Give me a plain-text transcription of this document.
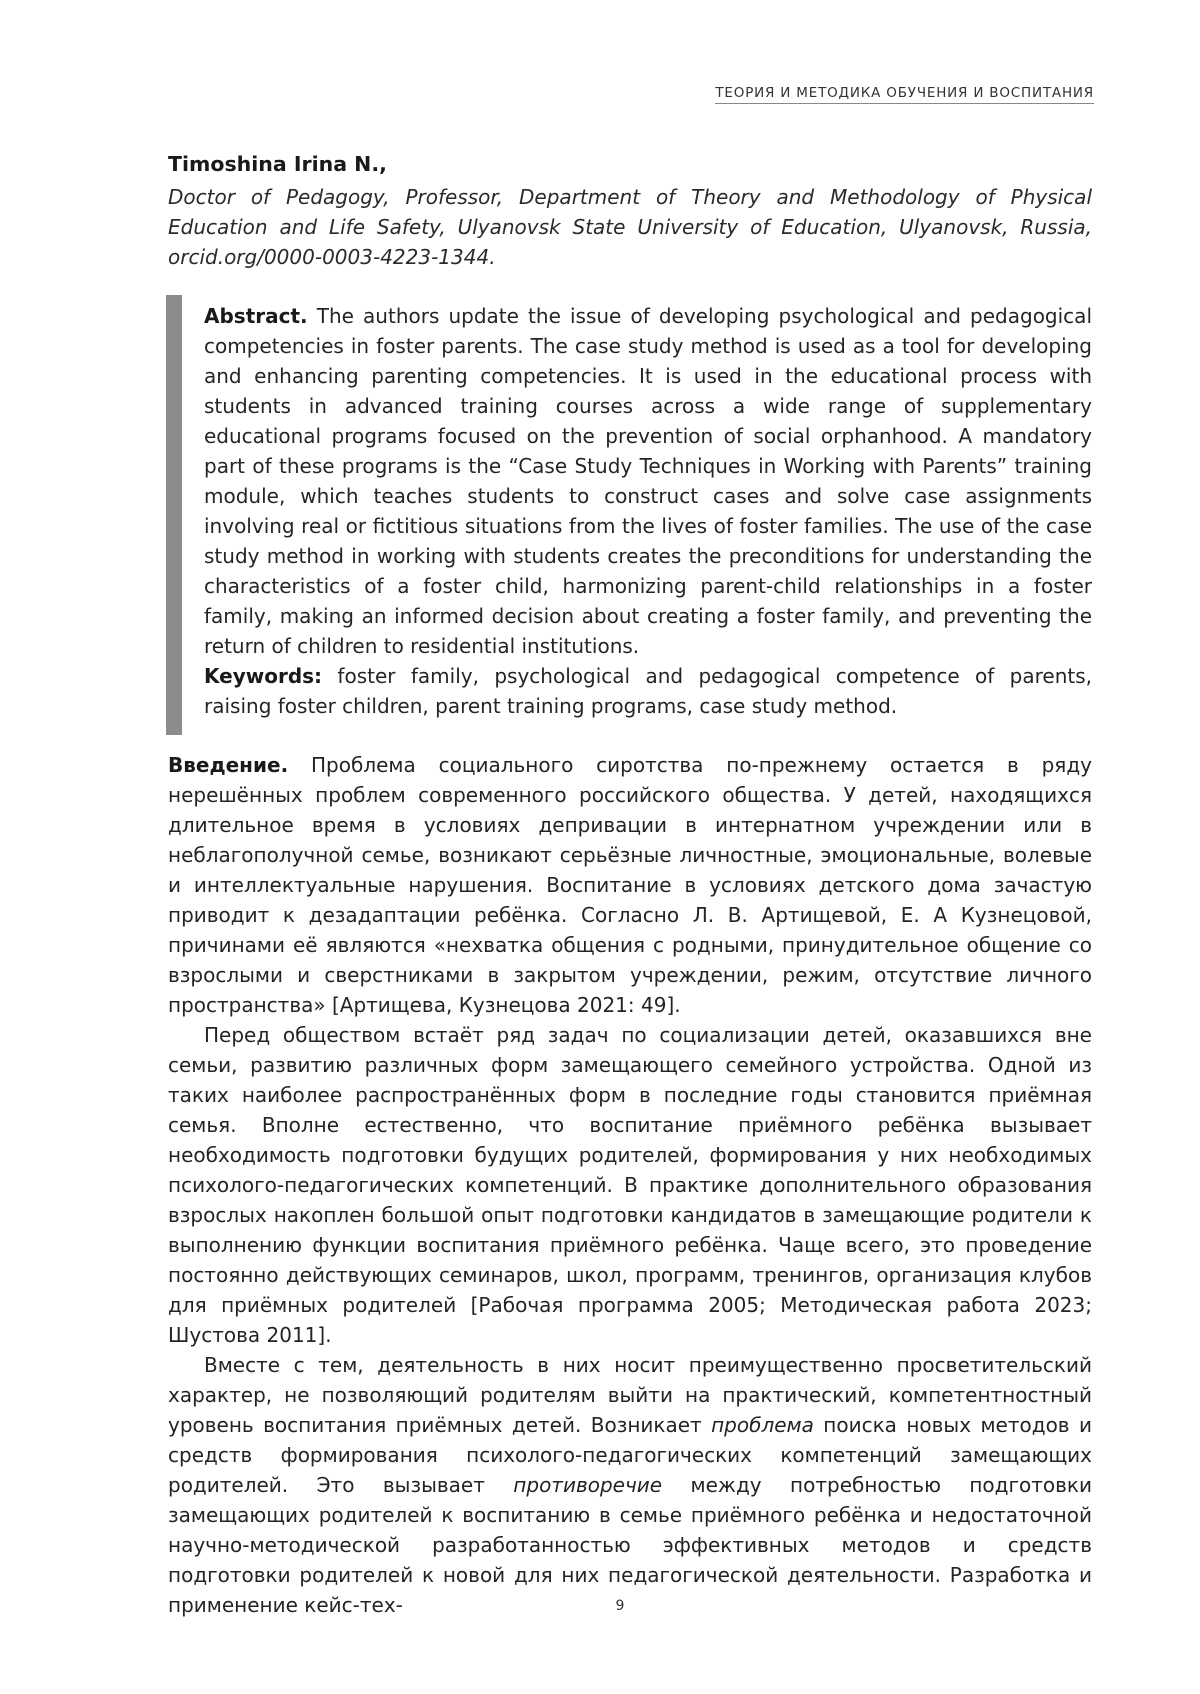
ТЕОРИЯ И МЕТОДИКА ОБУЧЕНИЯ И ВОСПИТАНИЯ

Timoshina Irina N.,

Doctor of Pedagogy, Professor, Department of Theory and Methodology of Physical Education and Life Safety, Ulyanovsk State University of Education, Ulyanovsk, Russia, orcid.org/0000-0003-4223-1344.

Abstract. The authors update the issue of developing psychological and pedagogical competencies in foster parents. The case study method is used as a tool for developing and enhancing parenting competencies. It is used in the educational process with students in advanced training courses across a wide range of supplementary educational programs focused on the prevention of social orphanhood. A mandatory part of these programs is the “Case Study Techniques in Working with Parents” training module, which teaches students to construct cases and solve case assignments involving real or fictitious situations from the lives of foster families. The use of the case study method in working with students creates the preconditions for understanding the characteristics of a foster child, harmonizing parent-child relationships in a foster family, making an informed decision about creating a foster family, and preventing the return of children to residential institutions.
Keywords: foster family, psychological and pedagogical competence of parents, raising foster children, parent training programs, case study method.

Введение. Проблема социального сиротства по-прежнему остается в ряду нерешённых проблем современного российского общества. У детей, находящихся длительное время в условиях депривации в интернатном учреждении или в неблагополучной семье, возникают серьёзные личностные, эмоциональные, волевые и интеллектуальные нарушения. Воспитание в условиях детского дома зачастую приводит к дезадаптации ребёнка. Согласно Л. В. Артищевой, Е. А Кузнецовой, причинами её являются «нехватка общения с родными, принудительное общение со взрослыми и сверстниками в закрытом учреждении, режим, отсутствие личного пространства» [Артищева, Кузнецова 2021: 49].

Перед обществом встаёт ряд задач по социализации детей, оказавшихся вне семьи, развитию различных форм замещающего семейного устройства. Одной из таких наиболее распространённых форм в последние годы становится приёмная семья. Вполне естественно, что воспитание приёмного ребёнка вызывает необходимость подготовки будущих родителей, формирования у них необходимых психолого-педагогических компетенций. В практике дополнительного образования взрослых накоплен большой опыт подготовки кандидатов в замещающие родители к выполнению функции воспитания приёмного ребёнка. Чаще всего, это проведение постоянно действующих семинаров, школ, программ, тренингов, организация клубов для приёмных родителей [Рабочая программа 2005; Методическая работа 2023; Шустова 2011].

Вместе с тем, деятельность в них носит преимущественно просветительский характер, не позволяющий родителям выйти на практический, компетентностный уровень воспитания приёмных детей. Возникает проблема поиска новых методов и средств формирования психолого-педагогических компетенций замещающих родителей. Это вызывает противоречие между потребностью подготовки замещающих родителей к воспитанию в семье приёмного ребёнка и недостаточной научно-методической разработанностью эффективных методов и средств подготовки родителей к новой для них педагогической деятельности. Разработка и применение кейс-тех-	9
